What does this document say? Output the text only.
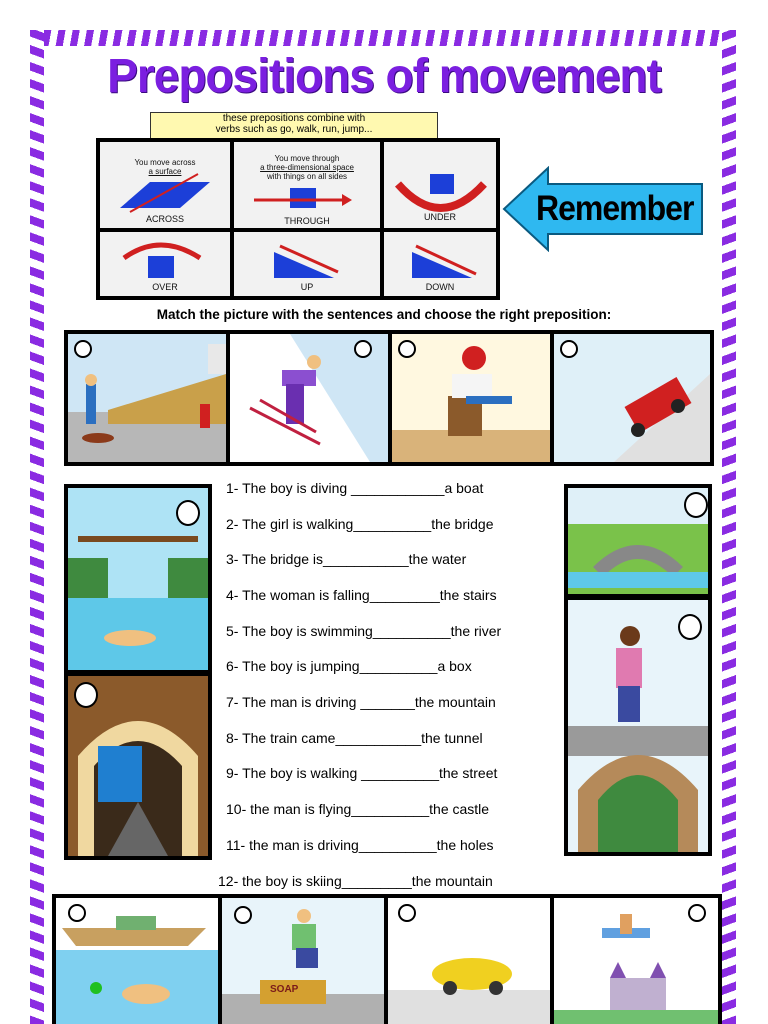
Prepositions of movement
these prepositions combine with
verbs such as go, walk, run, jump...
You move across
a surface
ACROSS
You move through
a three-dimensional space
with things on all sides
THROUGH	UNDER
OVER	UP	DOWN
Remember
Match the picture with the sentences and choose the right preposition:
1- The boy is diving ____________a boat
2- The girl is walking__________the bridge
3- The bridge is___________the water
4- The woman is falling_________the stairs
5- The boy is swimming__________the river
6- The boy is jumping__________a box
7- The man is driving _______the mountain
8- The train came___________the tunnel
9- The boy is walking __________the street
10- the man is flying__________the castle
11- the man is driving__________the holes
12- the boy is skiing_________the mountain
SOAP
